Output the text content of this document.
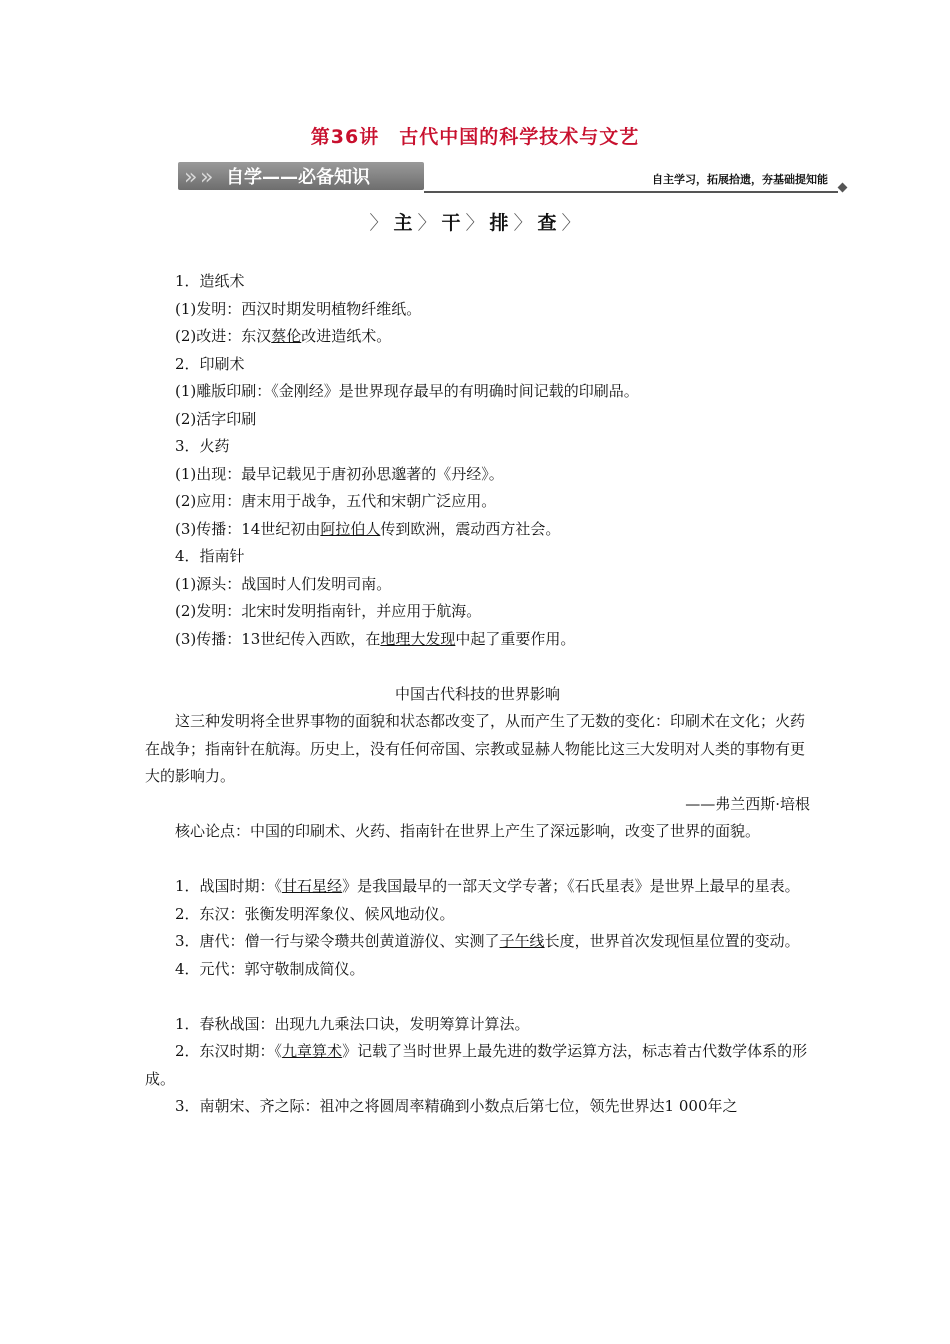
第36讲　古代中国的科学技术与文艺
» » 自学——必备知识	自主学习，拓展拾遗，夯基础提知能
〉 主 〉 干 〉 排 〉 查 〉

1．造纸术

(1)发明：西汉时期发明植物纤维纸。

(2)改进：东汉蔡伦改进造纸术。

2．印刷术

(1)雕版印刷：《金刚经》是世界现存最早的有明确时间记载的印刷品。

(2)活字印刷

3．火药

(1)出现：最早记载见于唐初孙思邈著的《丹经》。

(2)应用：唐末用于战争，五代和宋朝广泛应用。

(3)传播：14世纪初由阿拉伯人传到欧洲，震动西方社会。

4．指南针

(1)源头：战国时人们发明司南。

(2)发明：北宋时发明指南针，并应用于航海。

(3)传播：13世纪传入西欧，在地理大发现中起了重要作用。

中国古代科技的世界影响

这三种发明将全世界事物的面貌和状态都改变了，从而产生了无数的变化：印刷术在文化；火药在战争；指南针在航海。历史上，没有任何帝国、宗教或显赫人物能比这三大发明对人类的事物有更大的影响力。

——弗兰西斯·培根

核心论点：中国的印刷术、火药、指南针在世界上产生了深远影响，改变了世界的面貌。

1．战国时期：《甘石星经》是我国最早的一部天文学专著；《石氏星表》是世界上最早的星表。

2．东汉：张衡发明浑象仪、候风地动仪。

3．唐代：僧一行与梁令瓒共创黄道游仪、实测了子午线长度，世界首次发现恒星位置的变动。

4．元代：郭守敬制成简仪。

1．春秋战国：出现九九乘法口诀，发明筹算计算法。

2．东汉时期：《九章算术》记载了当时世界上最先进的数学运算方法，标志着古代数学体系的形成。

3．南朝宋、齐之际：祖冲之将圆周率精确到小数点后第七位，领先世界达1 000年之
